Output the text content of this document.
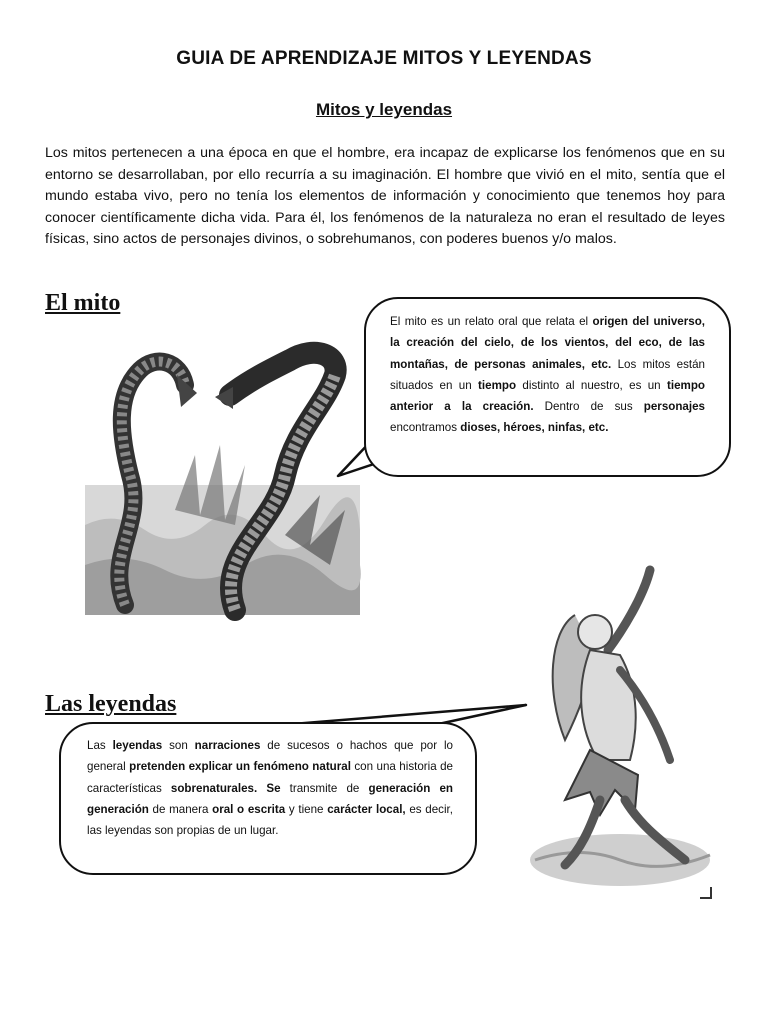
GUIA DE APRENDIZAJE MITOS Y LEYENDAS
Mitos y leyendas
Los mitos pertenecen a una época en que el hombre, era incapaz de explicarse los fenómenos que en su entorno se desarrollaban, por ello recurría a su imaginación. El hombre que vivió en el mito, sentía que el mundo estaba vivo, pero no tenía los elementos de información y conocimiento que tenemos hoy para conocer científicamente dicha vida. Para él, los fenómenos de la naturaleza no eran el resultado de leyes físicas, sino actos de personajes divinos, o sobrehumanos, con poderes buenos y/o malos.
El mito
El mito es un relato oral que relata el origen del universo, la creación del cielo, de los vientos, del eco, de las montañas, de personas animales, etc. Los mitos están situados en un tiempo distinto al nuestro, es un tiempo anterior a la creación. Dentro de sus personajes encontramos dioses, héroes, ninfas, etc.
Las leyendas
Las leyendas son narraciones de sucesos o hachos que por lo general pretenden explicar un fenómeno natural con una historia de características sobrenaturales. Se transmite de generación en generación de manera oral o escrita y tiene carácter local, es decir, las leyendas son propias de un lugar.
